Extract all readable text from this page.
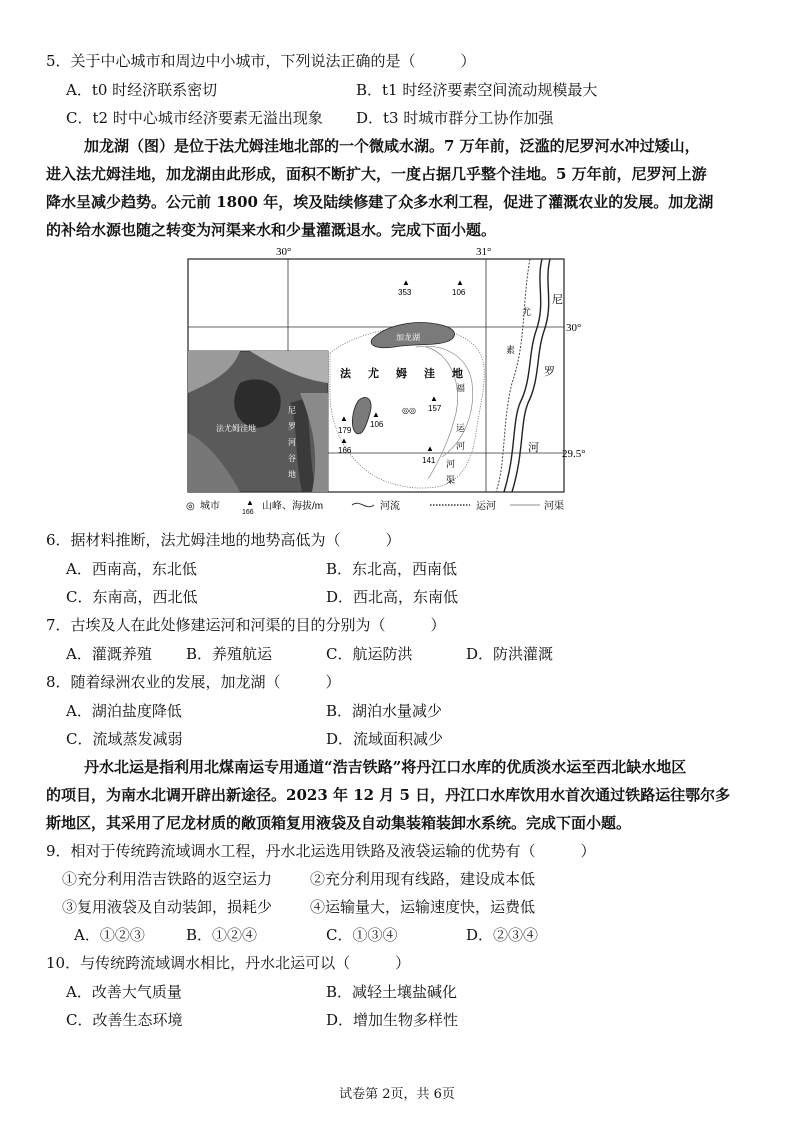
5．关于中心城市和周边中小城市，下列说法正确的是（　　　）
A．t0 时经济联系密切	B．t1 时经济要素空间流动规模最大
C．t2 时中心城市经济要素无溢出现象 D．t3 时城市群分工协作加强
加龙湖（图）是位于法尤姆洼地北部的一个微咸水湖。7 万年前，泛滥的尼罗河水冲过矮山，
进入法尤姆洼地，加龙湖由此形成，面积不断扩大，一度占据几乎整个洼地。5 万年前，尼罗河上游
降水呈减少趋势。公元前 1800 年，埃及陆续修建了众多水利工程，促进了灌溉农业的发展。加龙湖
的补给水源也随之转变为河渠来水和少量灌溉退水。完成下面小题。
30°	31°
30°
29.5°
尼
罗
河
尤
素
福
运
河
河
渠
加龙湖
法 尤 姆 洼 地
▲
353
▲
106
▲
157
▲
179
▲
106
▲
166	▲
141
◎◎
法尤姆洼地
尼
罗
河
谷
地
◎ 城市	▲
166
山峰、海拔/m	河流	运河	河渠
6．据材料推断，法尤姆洼地的地势高低为（　　　）
A．西南高，东北低	B．东北高，西南低
C．东南高，西北低	D．西北高，东南低
7．古埃及人在此处修建运河和河渠的目的分别为（　　　）
A．灌溉养殖 B．养殖航运	C．航运防洪	D．防洪灌溉
8．随着绿洲农业的发展，加龙湖（　　　）
A．湖泊盐度降低	B．湖泊水量减少
C．流域蒸发减弱	D．流域面积减少
丹水北运是指利用北煤南运专用通道“浩吉铁路”将丹江口水库的优质淡水运至西北缺水地区
的项目，为南水北调开辟出新途径。2023 年 12 月 5 日，丹江口水库饮用水首次通过铁路运往鄂尔多
斯地区，其采用了尼龙材质的敞顶箱复用液袋及自动集装箱装卸水系统。完成下面小题。
9．相对于传统跨流域调水工程，丹水北运选用铁路及液袋运输的优势有（　　　）
①充分利用浩吉铁路的返空运力	②充分利用现有线路，建设成本低
③复用液袋及自动装卸，损耗少	④运输量大，运输速度快，运费低
A．①②③	B．①②④	C．①③④	D．②③④
10．与传统跨流域调水相比，丹水北运可以（　　　）
A．改善大气质量	B．减轻土壤盐碱化
C．改善生态环境	D．增加生物多样性
试卷第 2页，共 6页
